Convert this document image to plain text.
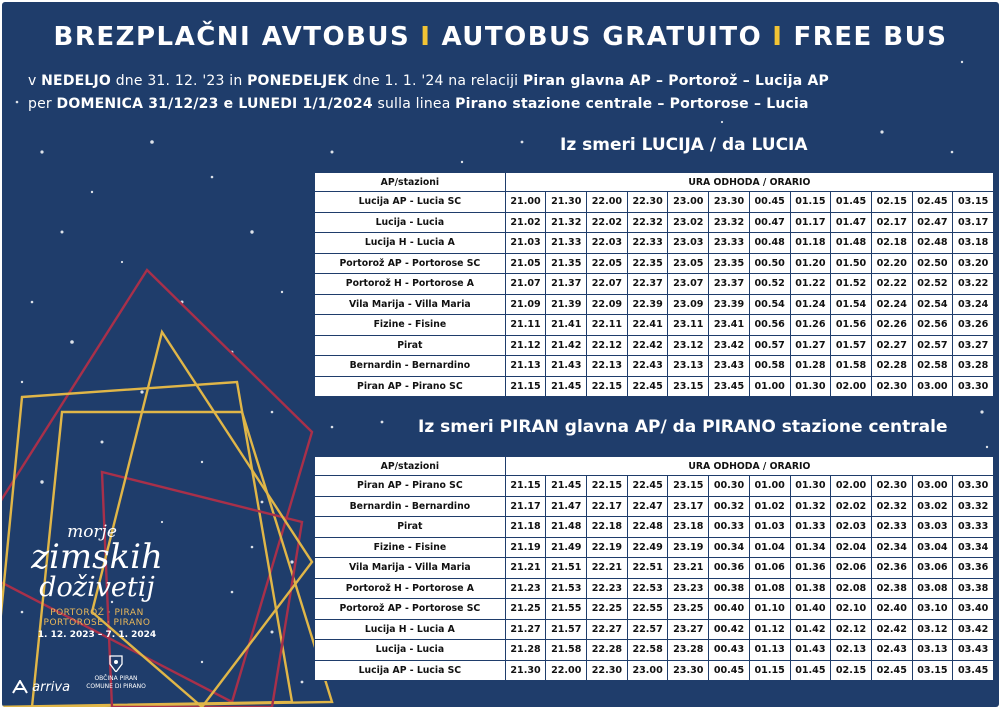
BREZPLAČNI AVTOBUS I AUTOBUS GRATUITO I FREE BUS
v NEDELJO dne 31. 12. '23 in PONEDELJEK dne 1. 1. '24 na relaciji Piran glavna AP – Portorož – Lucija AP
per DOMENICA 31/12/23 e LUNEDI 1/1/2024 sulla linea Pirano stazione centrale – Portorose – Lucia
Iz smeri LUCIJA / da LUCIA
AP/stazioni	URA ODHODA / ORARIO											
Lucija AP - Lucia SC	21.00	21.30	22.00	22.30	23.00	23.30	00.45	01.15	01.45	02.15	02.45	03.15
Lucija - Lucia	21.02	21.32	22.02	22.32	23.02	23.32	00.47	01.17	01.47	02.17	02.47	03.17
Lucija H - Lucia A	21.03	21.33	22.03	22.33	23.03	23.33	00.48	01.18	01.48	02.18	02.48	03.18
Portorož AP - Portorose SC	21.05	21.35	22.05	22.35	23.05	23.35	00.50	01.20	01.50	02.20	02.50	03.20
Portorož H - Portorose A	21.07	21.37	22.07	22.37	23.07	23.37	00.52	01.22	01.52	02.22	02.52	03.22
Vila Marija - Villa Maria	21.09	21.39	22.09	22.39	23.09	23.39	00.54	01.24	01.54	02.24	02.54	03.24
Fizine - Fisine	21.11	21.41	22.11	22.41	23.11	23.41	00.56	01.26	01.56	02.26	02.56	03.26
Pirat	21.12	21.42	22.12	22.42	23.12	23.42	00.57	01.27	01.57	02.27	02.57	03.27
Bernardin - Bernardino	21.13	21.43	22.13	22.43	23.13	23.43	00.58	01.28	01.58	02.28	02.58	03.28
Piran AP - Pirano SC	21.15	21.45	22.15	22.45	23.15	23.45	01.00	01.30	02.00	02.30	03.00	03.30
Iz smeri PIRAN glavna AP/ da PIRANO stazione centrale
AP/stazioni	URA ODHODA / ORARIO											
Piran AP - Pirano SC	21.15	21.45	22.15	22.45	23.15	00.30	01.00	01.30	02.00	02.30	03.00	03.30
Bernardin - Bernardino	21.17	21.47	22.17	22.47	23.17	00.32	01.02	01.32	02.02	02.32	03.02	03.32
Pirat	21.18	21.48	22.18	22.48	23.18	00.33	01.03	01.33	02.03	02.33	03.03	03.33
Fizine - Fisine	21.19	21.49	22.19	22.49	23.19	00.34	01.04	01.34	02.04	02.34	03.04	03.34
Vila Marija - Villa Maria	21.21	21.51	22.21	22.51	23.21	00.36	01.06	01.36	02.06	02.36	03.06	03.36
Portorož H - Portorose A	21.23	21.53	22.23	22.53	23.23	00.38	01.08	01.38	02.08	02.38	03.08	03.38
Portorož AP - Portorose SC	21.25	21.55	22.25	22.55	23.25	00.40	01.10	01.40	02.10	02.40	03.10	03.40
Lucija H - Lucia A	21.27	21.57	22.27	22.57	23.27	00.42	01.12	01.42	02.12	02.42	03.12	03.42
Lucija - Lucia	21.28	21.58	22.28	22.58	23.28	00.43	01.13	01.43	02.13	02.43	03.13	03.43
Lucija AP - Lucia SC	21.30	22.00	22.30	23.00	23.30	00.45	01.15	01.45	02.15	02.45	03.15	03.45
morje
zimskih
doživetij
PORTOROŽ · PIRAN
PORTOROSE · PIRANO
1. 12. 2023 – 7. 1. 2024
arriva
OBČINA PIRAN
COMUNE DI PIRANO
